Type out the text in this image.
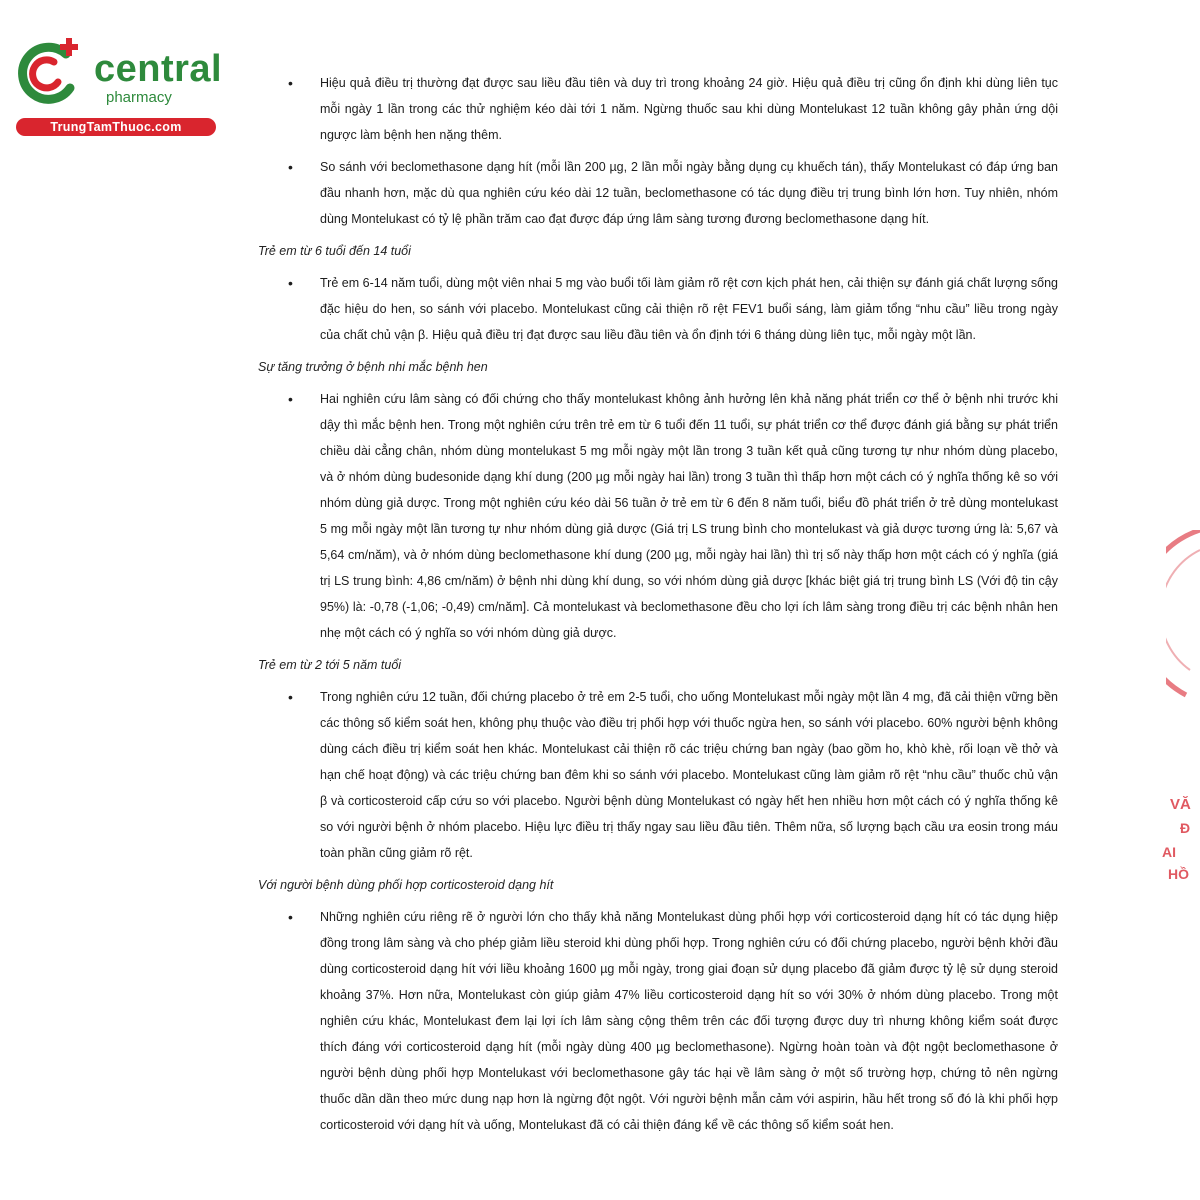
central
pharmacy
TrungTamThuoc.com
• Hiệu quả điều trị thường đạt được sau liều đầu tiên và duy trì trong khoảng 24 giờ. Hiệu quả điều trị cũng ổn định khi dùng liên tục mỗi ngày 1 lần trong các thử nghiệm kéo dài tới 1 năm. Ngừng thuốc sau khi dùng Montelukast 12 tuần không gây phản ứng dội ngược làm bệnh hen nặng thêm.

• So sánh với beclomethasone dạng hít (mỗi lần 200 µg, 2 lần mỗi ngày bằng dụng cụ khuếch tán), thấy Montelukast có đáp ứng ban đầu nhanh hơn, mặc dù qua nghiên cứu kéo dài 12 tuần, beclomethasone có tác dụng điều trị trung bình lớn hơn. Tuy nhiên, nhóm dùng Montelukast có tỷ lệ phần trăm cao đạt được đáp ứng lâm sàng tương đương beclomethasone dạng hít.

Trẻ em từ 6 tuổi đến 14 tuổi

• Trẻ em 6-14 năm tuổi, dùng một viên nhai 5 mg vào buổi tối làm giảm rõ rệt cơn kịch phát hen, cải thiện sự đánh giá chất lượng sống đặc hiệu do hen, so sánh với placebo. Montelukast cũng cải thiện rõ rệt FEV1 buổi sáng, làm giảm tổng “nhu cầu” liều trong ngày của chất chủ vận β. Hiệu quả điều trị đạt được sau liều đầu tiên và ổn định tới 6 tháng dùng liên tục, mỗi ngày một lần.

Sự tăng trưởng ở bệnh nhi mắc bệnh hen

• Hai nghiên cứu lâm sàng có đối chứng cho thấy montelukast không ảnh hưởng lên khả năng phát triển cơ thể ở bệnh nhi trước khi dậy thì mắc bệnh hen. Trong một nghiên cứu trên trẻ em từ 6 tuổi đến 11 tuổi, sự phát triển cơ thể được đánh giá bằng sự phát triển chiều dài cẳng chân, nhóm dùng montelukast 5 mg mỗi ngày một lần trong 3 tuần kết quả cũng tương tự như nhóm dùng placebo, và ở nhóm dùng budesonide dạng khí dung (200 µg mỗi ngày hai lần) trong 3 tuần thì thấp hơn một cách có ý nghĩa thống kê so với nhóm dùng giả dược. Trong một nghiên cứu kéo dài 56 tuần ở trẻ em từ 6 đến 8 năm tuổi, biểu đồ phát triển ở trẻ dùng montelukast 5 mg mỗi ngày một lần tương tự như nhóm dùng giả dược (Giá trị LS trung bình cho montelukast và giả dược tương ứng là: 5,67 và 5,64 cm/năm), và ở nhóm dùng beclomethasone khí dung (200 µg, mỗi ngày hai lần) thì trị số này thấp hơn một cách có ý nghĩa (giá trị LS trung bình: 4,86 cm/năm) ở bệnh nhi dùng khí dung, so với nhóm dùng giả dược [khác biệt giá trị trung bình LS (Với độ tin cậy 95%) là: -0,78 (-1,06; -0,49) cm/năm]. Cả montelukast và beclomethasone đều cho lợi ích lâm sàng trong điều trị các bệnh nhân hen nhẹ một cách có ý nghĩa so với nhóm dùng giả dược.

Trẻ em từ 2 tới 5 năm tuổi

• Trong nghiên cứu 12 tuần, đối chứng placebo ở trẻ em 2-5 tuổi, cho uống Montelukast mỗi ngày một lần 4 mg, đã cải thiện vững bền các thông số kiểm soát hen, không phụ thuộc vào điều trị phối hợp với thuốc ngừa hen, so sánh với placebo. 60% người bệnh không dùng cách điều trị kiểm soát hen khác. Montelukast cải thiện rõ các triệu chứng ban ngày (bao gồm ho, khò khè, rối loạn về thở và hạn chế hoạt động) và các triệu chứng ban đêm khi so sánh với placebo. Montelukast cũng làm giảm rõ rệt “nhu cầu” thuốc chủ vận β và corticosteroid cấp cứu so với placebo. Người bệnh dùng Montelukast có ngày hết hen nhiều hơn một cách có ý nghĩa thống kê so với người bệnh ở nhóm placebo. Hiệu lực điều trị thấy ngay sau liều đầu tiên. Thêm nữa, số lượng bạch cầu ưa eosin trong máu toàn phần cũng giảm rõ rệt.

Với người bệnh dùng phối hợp corticosteroid dạng hít

• Những nghiên cứu riêng rẽ ở người lớn cho thấy khả năng Montelukast dùng phối hợp với corticosteroid dạng hít có tác dụng hiệp đồng trong lâm sàng và cho phép giảm liều steroid khi dùng phối hợp. Trong nghiên cứu có đối chứng placebo, người bệnh khởi đầu dùng corticosteroid dạng hít với liều khoảng 1600 µg mỗi ngày, trong giai đoạn sử dụng placebo đã giảm được tỷ lệ sử dụng steroid khoảng 37%. Hơn nữa, Montelukast còn giúp giảm 47% liều corticosteroid dạng hít so với 30% ở nhóm dùng placebo. Trong một nghiên cứu khác, Montelukast đem lại lợi ích lâm sàng cộng thêm trên các đối tượng được duy trì nhưng không kiểm soát được thích đáng với corticosteroid dạng hít (mỗi ngày dùng 400 µg beclomethasone). Ngừng hoàn toàn và đột ngột beclomethasone ở người bệnh dùng phối hợp Montelukast với beclomethasone gây tác hại về lâm sàng ở một số trường hợp, chứng tỏ nên ngừng thuốc dần dần theo mức dung nạp hơn là ngừng đột ngột. Với người bệnh mẫn cảm với aspirin, hầu hết trong số đó là khi phối hợp corticosteroid với dạng hít và uống, Montelukast đã có cải thiện đáng kể về các thông số kiểm soát hen.

VĂ
Đ
AI
HỒ
